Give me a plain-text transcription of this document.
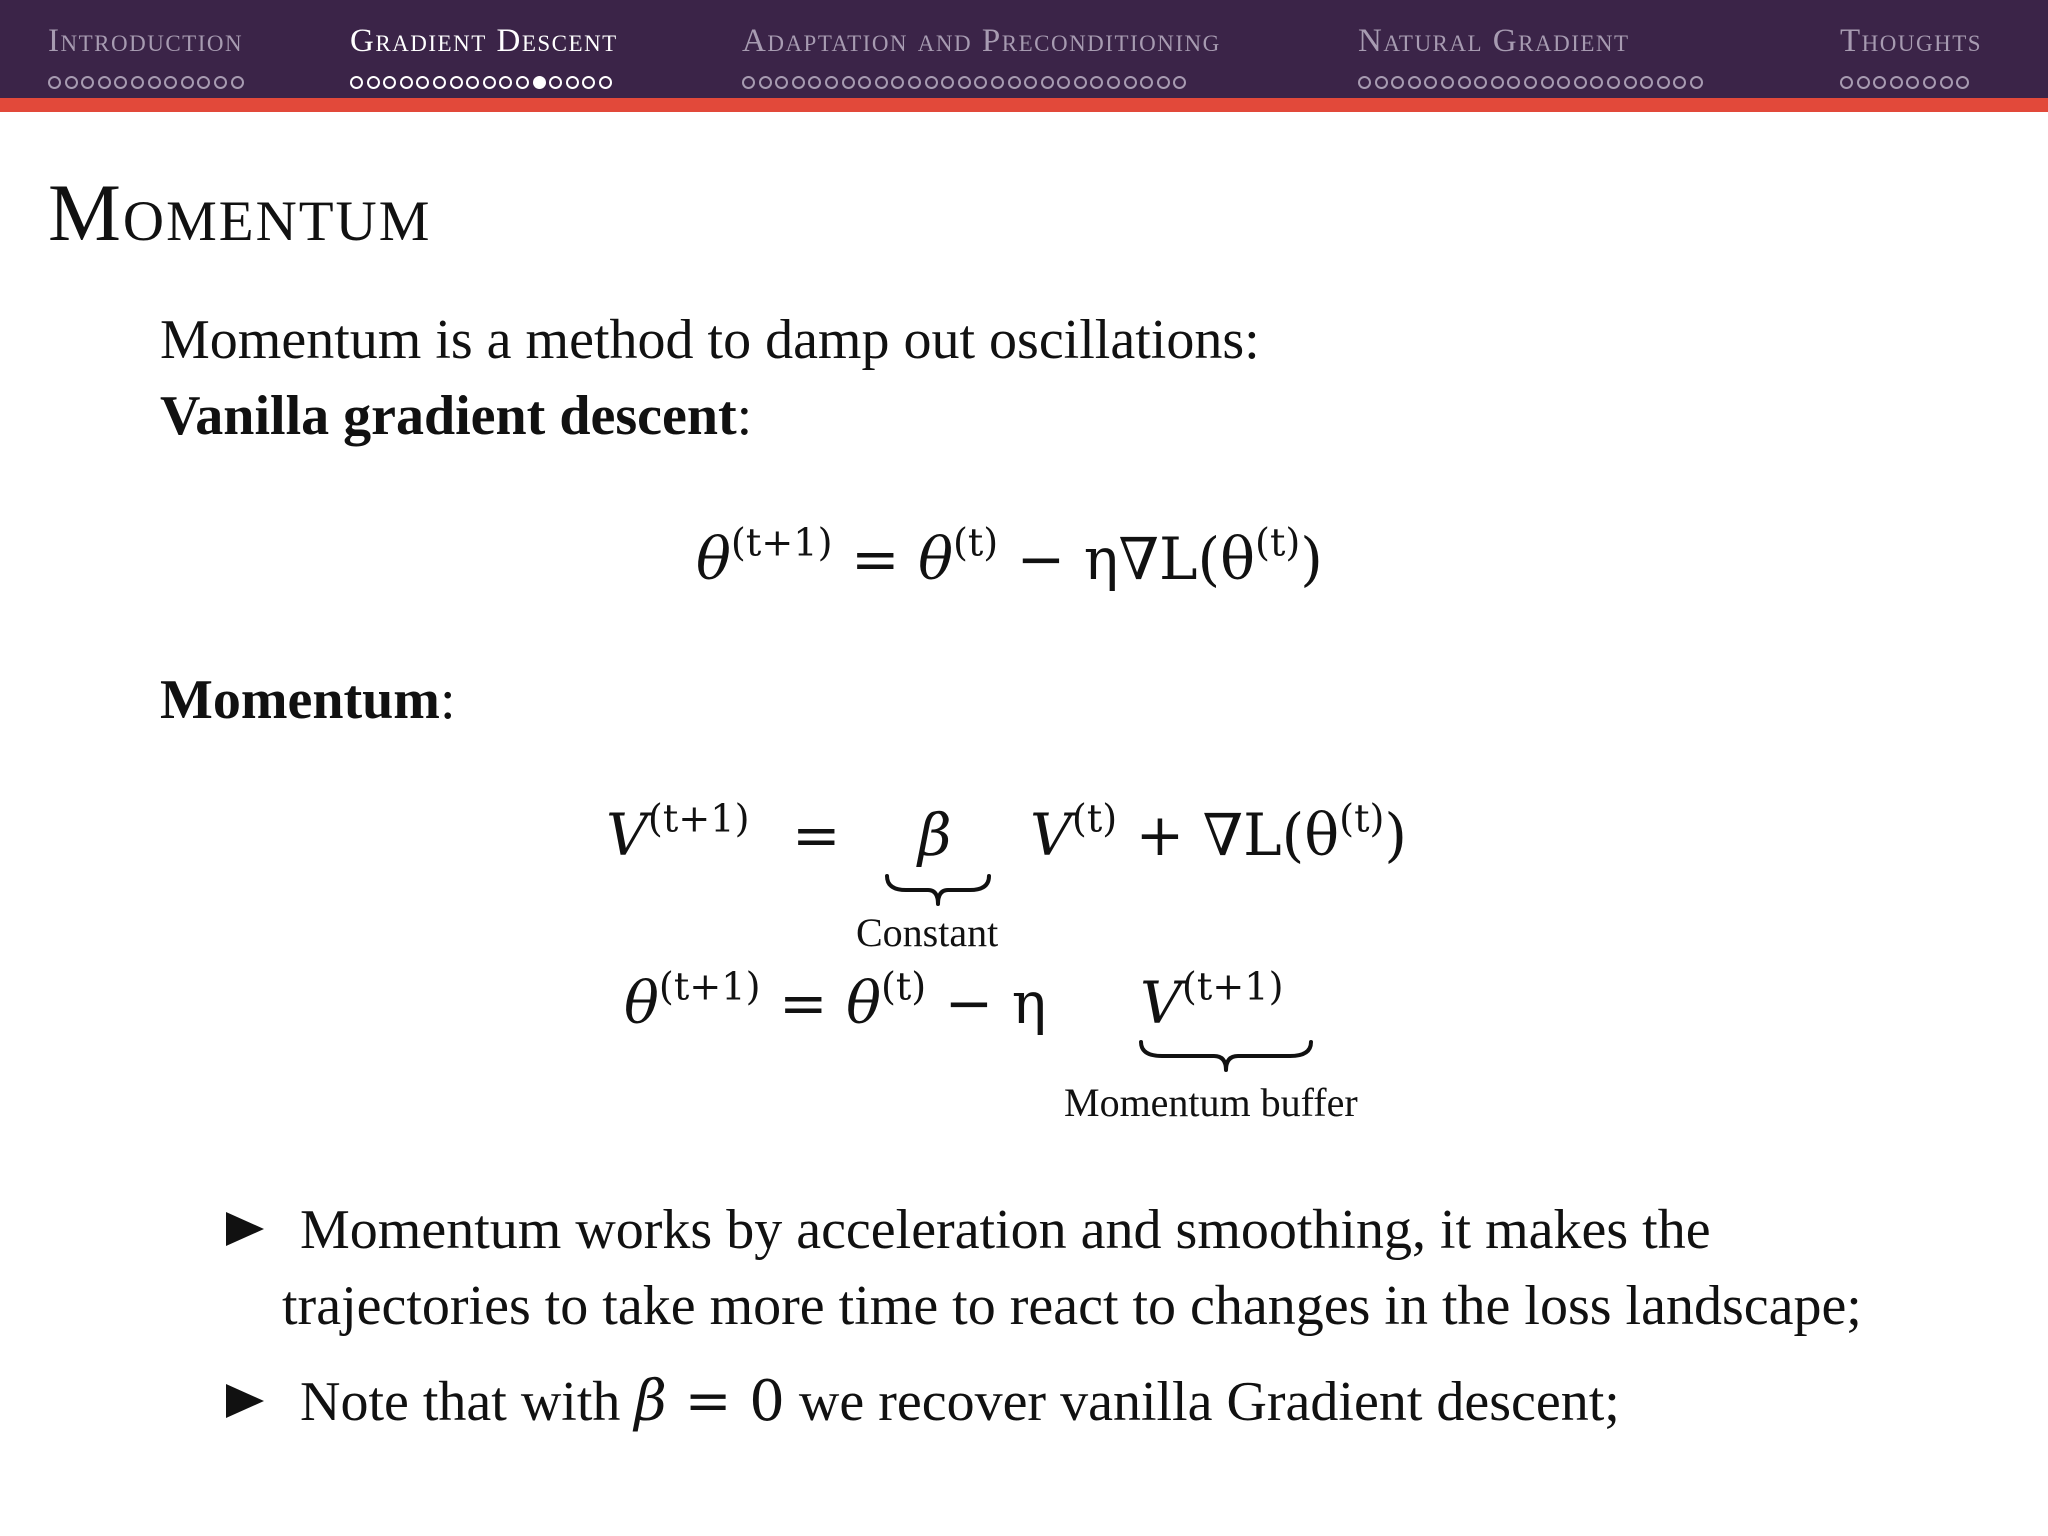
Introduction	Gradient Descent	Adaptation and Preconditioning	Natural Gradient	Thoughts
Momentum
Momentum is a method to damp out oscillations:
Vanilla gradient descent:
$\theta^{(t+1)} = \theta^{(t)} - \eta\nabla L(\theta^{(t)})$
Momentum:
$V^{(t+1)} = \beta$ $V^{(t)} + \nabla L(\theta^{(t)})$
Constant
$\theta^{(t+1)} = \theta^{(t)} - \eta$ $V^{(t+1)}$
Momentum buffer
Momentum works by acceleration and smoothing, it makes the
trajectories to take more time to react to changes in the loss landscape;
Note that with β = 0 we recover vanilla Gradient descent;
